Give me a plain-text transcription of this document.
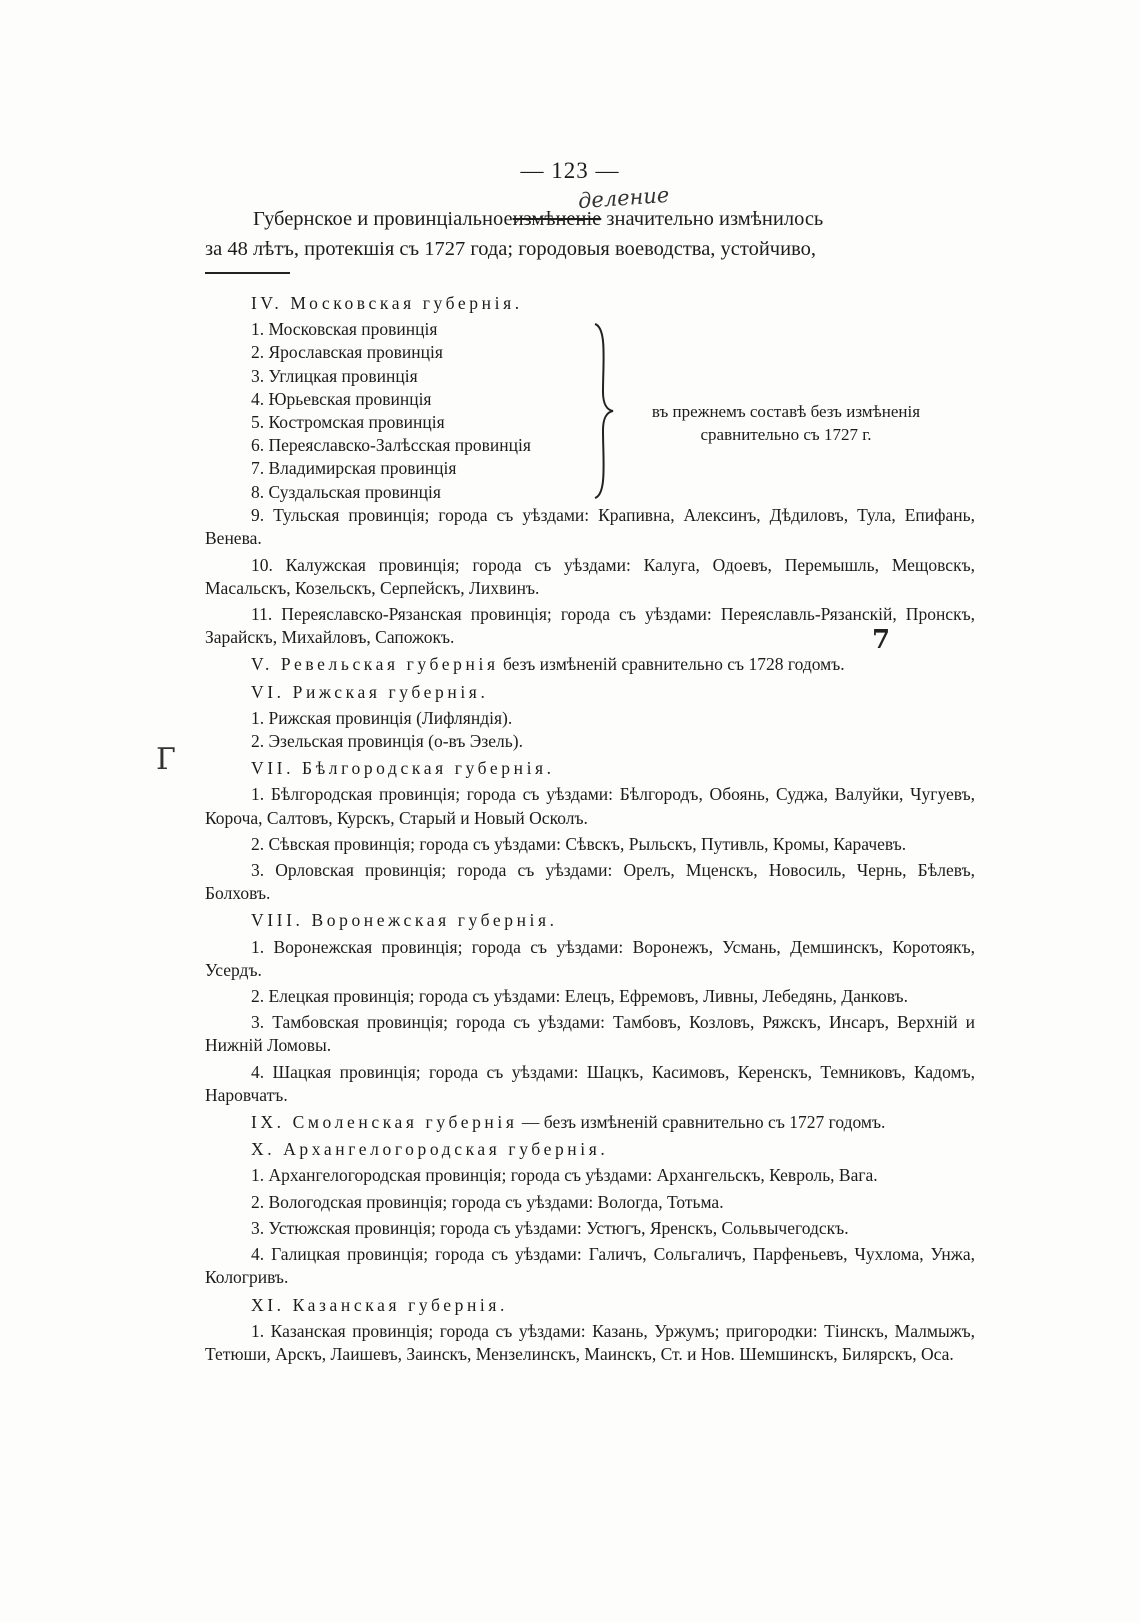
— 123 —
деление
Губернское и провинціальноеизмѣненіе значительно измѣнилось
за 48 лѣтъ, протекшія съ 1727 года; городовыя воеводства, устойчиво,
Г
7
IV. Московская губернія.
1. Московская провинція
2. Ярославская провинція
3. Углицкая провинція
4. Юрьевская провинція
5. Костромская провинція
6. Переяславско-Залѣсская провинція
7. Владимирская провинція
8. Суздальская провинція
въ прежнемъ составѣ безъ измѣненія
сравнительно съ 1727 г.
9. Тульская провинція; города съ уѣздами: Крапивна, Алексинъ, Дѣдиловъ, Тула, Епифань, Венева.
10. Калужская провинція; города съ уѣздами: Калуга, Одоевъ, Перемышль, Мещовскъ, Масальскъ, Козельскъ, Серпейскъ, Лихвинъ.
11. Переяславско-Рязанская провинція; города съ уѣздами: Переяславль-Рязанскій, Пронскъ, Зарайскъ, Михайловъ, Сапожокъ.
V. Ревельская губернія безъ измѣненій сравнительно съ 1728 годомъ.
VI. Рижская губернія.
1. Рижская провинція (Лифляндія).
2. Эзельская провинція (о-въ Эзель).
VII. Бѣлгородская губернія.
1. Бѣлгородская провинція; города съ уѣздами: Бѣлгородъ, Обоянь, Суджа, Валуйки, Чугуевъ, Короча, Салтовъ, Курскъ, Старый и Новый Осколъ.
2. Сѣвская провинція; города съ уѣздами: Сѣвскъ, Рыльскъ, Путивль, Кромы, Карачевъ.
3. Орловская провинція; города съ уѣздами: Орелъ, Мценскъ, Новосиль, Чернь, Бѣлевъ, Болховъ.
VIII. Воронежская губернія.
1. Воронежская провинція; города съ уѣздами: Воронежъ, Усмань, Демшинскъ, Коротоякъ, Усердъ.
2. Елецкая провинція; города съ уѣздами: Елецъ, Ефремовъ, Ливны, Лебедянь, Данковъ.
3. Тамбовская провинція; города съ уѣздами: Тамбовъ, Козловъ, Ряжскъ, Инсаръ, Верхній и Нижній Ломовы.
4. Шацкая провинція; города съ уѣздами: Шацкъ, Касимовъ, Керенскъ, Темниковъ, Кадомъ, Наровчатъ.
IX. Смоленская губернія — безъ измѣненій сравнительно съ 1727 годомъ.
X. Архангелогородская губернія.
1. Архангелогородская провинція; города съ уѣздами: Архангельскъ, Кевроль, Вага.
2. Вологодская провинція; города съ уѣздами: Вологда, Тотьма.
3. Устюжская провинція; города съ уѣздами: Устюгъ, Яренскъ, Сольвычегодскъ.
4. Галицкая провинція; города съ уѣздами: Галичъ, Сольгаличъ, Парфеньевъ, Чухлома, Унжа, Кологривъ.
XI. Казанская губернія.
1. Казанская провинція; города съ уѣздами: Казань, Уржумъ; пригородки: Тіинскъ, Малмыжъ, Тетюши, Арскъ, Лаишевъ, Заинскъ, Мензелинскъ, Маинскъ, Ст. и Нов. Шемшинскъ, Билярскъ, Оса.
